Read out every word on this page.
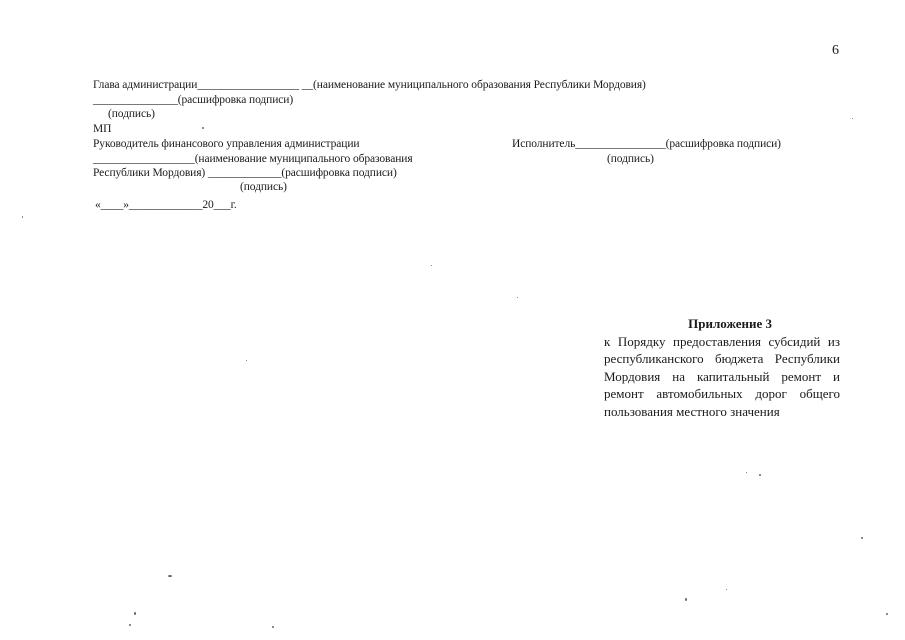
6
Глава администрации__________________ __(наименование муниципального образования Республики Мордовия)
_______________(расшифровка подписи)
(подпись)
МП
Руководитель финансового управления администрации
__________________(наименование муниципального образования
Республики Мордовия) _____________(расшифровка подписи)
(подпись)
«____»_____________20___г.
Исполнитель________________(расшифровка подписи)
(подпись)
Приложение 3
к Порядку предоставления субсидий из республиканского бюджета Республики Мордовия на капитальный ремонт и ремонт автомобильных дорог общего пользования местного значения
